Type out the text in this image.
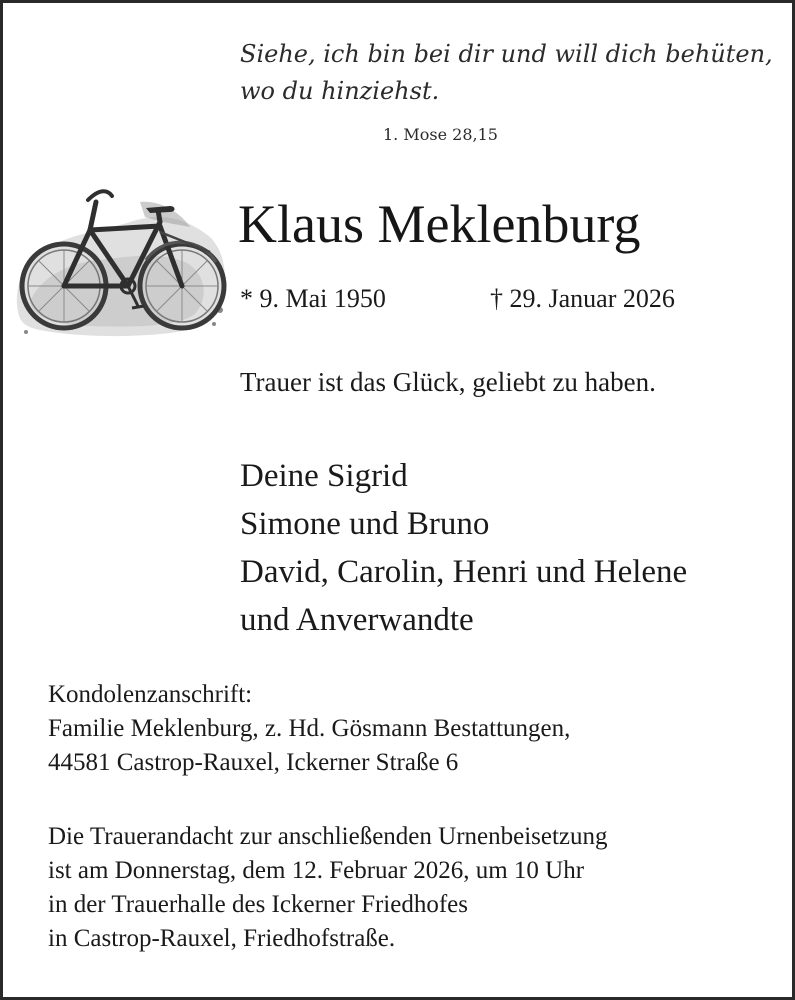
Siehe, ich bin bei dir und will dich behüten,
wo du hinziehst.
1. Mose 28,15
Klaus Meklenburg
* 9. Mai 1950	† 29. Januar 2026
Trauer ist das Glück, geliebt zu haben.
Deine Sigrid
Simone und Bruno
David, Carolin, Henri und Helene
und Anverwandte
Kondolenzanschrift:
Familie Meklenburg, z. Hd. Gösmann Bestattungen,
44581 Castrop-Rauxel, Ickerner Straße 6
Die Trauerandacht zur anschließenden Urnenbeisetzung
ist am Donnerstag, dem 12. Februar 2026, um 10 Uhr
in der Trauerhalle des Ickerner Friedhofes
in Castrop-Rauxel, Friedhofstraße.
